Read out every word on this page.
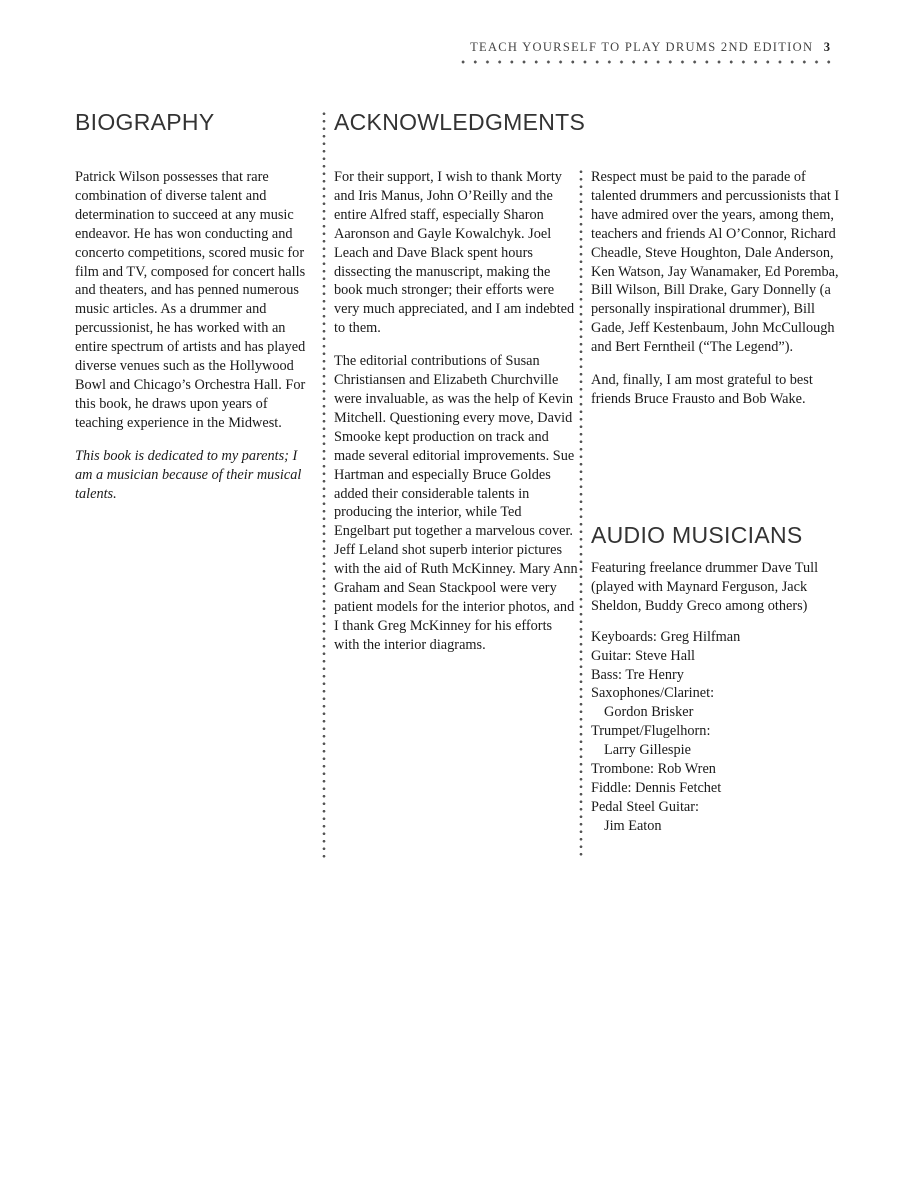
TEACH YOURSELF TO PLAY DRUMS 2ND EDITION 3
BIOGRAPHY	ACKNOWLEDGMENTS

Patrick Wilson possesses that rare combination of diverse talent and determination to succeed at any music endeavor. He has won conducting and concerto competitions, scored music for film and TV, composed for concert halls and theaters, and has penned numerous music articles. As a drummer and percussionist, he has worked with an entire spectrum of artists and has played diverse venues such as the Hollywood Bowl and Chicago’s Orchestra Hall. For this book, he draws upon years of teaching experience in the Midwest.

This book is dedicated to my parents; I am a musician because of their musical talents.

For their support, I wish to thank Morty and Iris Manus, John O’Reilly and the entire Alfred staff, especially Sharon Aaronson and Gayle Kowalchyk. Joel Leach and Dave Black spent hours dissecting the manuscript, making the book much stronger; their efforts were very much appreciated, and I am indebted to them.

The editorial contributions of Susan Christiansen and Elizabeth Churchville were invaluable, as was the help of Kevin Mitchell. Questioning every move, David Smooke kept production on track and made several editorial improvements. Sue Hartman and especially Bruce Goldes added their considerable talents in producing the interior, while Ted Engelbart put together a marvelous cover. Jeff Leland shot superb interior pictures with the aid of Ruth McKinney. Mary Ann Graham and Sean Stackpool were very patient models for the interior photos, and I thank Greg McKinney for his efforts with the interior diagrams.

Respect must be paid to the parade of talented drummers and percussionists that I have admired over the years, among them, teachers and friends Al O’Connor, Richard Cheadle, Steve Houghton, Dale Anderson, Ken Watson, Jay Wanamaker, Ed Poremba, Bill Wilson, Bill Drake, Gary Donnelly (a personally inspirational drummer), Bill Gade, Jeff Kestenbaum, John McCullough and Bert Ferntheil (“The Legend”).

And, finally, I am most grateful to best friends Bruce Frausto and Bob Wake.

AUDIO MUSICIANS

Featuring freelance drummer Dave Tull (played with Maynard Ferguson, Jack Sheldon, Buddy Greco among others)

Keyboards: Greg Hilfman
Guitar: Steve Hall
Bass: Tre Henry
Saxophones/Clarinet:
Gordon Brisker
Trumpet/Flugelhorn:
Larry Gillespie
Trombone: Rob Wren
Fiddle: Dennis Fetchet
Pedal Steel Guitar:
Jim Eaton
